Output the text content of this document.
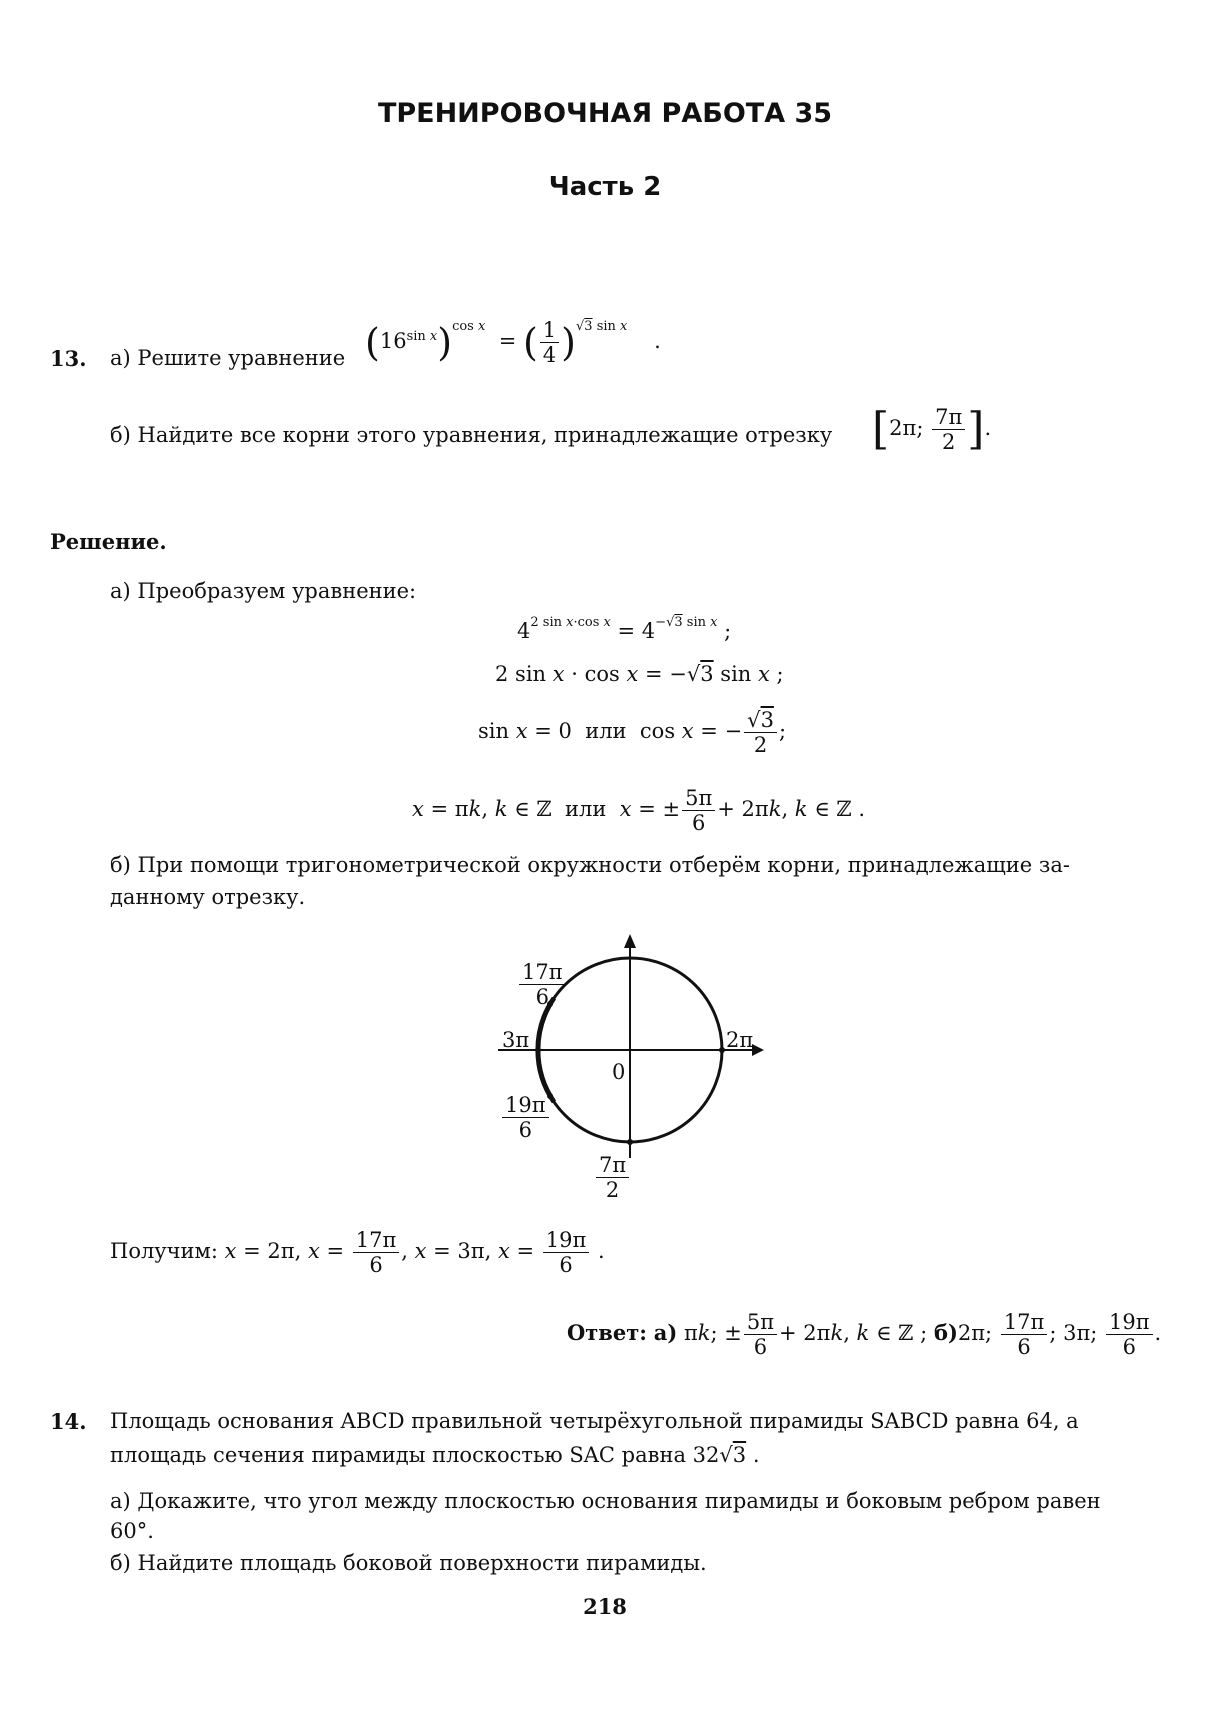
ТРЕНИРОВОЧНАЯ РАБОТА 35
Часть 2
13. а) Решите уравнение $(16^{sin x})^{cos x}$  = ( $\frac{1}{4} )^{√3 sin x}$    .
б) Найдите все корни этого уравнения, принадлежащие отрезку [2π; $\frac{7\pi}{2}$ ].
Решение.
а) Преобразуем уравнение:
$4^{2 sin x\cdot cos x} = 4^{-√3 sin x}$ ;
2 sin x · cos x = −√3 sin x ;
sin x = 0  или  cos x = − $\frac{√3}{2}$ ;
x = πk, k ∈ ℤ  или x = ± $\frac{5\pi}{6} + 2\pi k$, k ∈ ℤ .
б) При помощи тригонометрической окружности отберём корни, принадлежащие за-
данному отрезку.
$\frac{17\pi}{6}$
3π	2π
0
$\frac{19\pi}{6}$
$\frac{7\pi}{2}$
Получим: x = 2π, $x = \frac{17\pi}{6}$ , x = 3π, $x = \frac{19\pi}{6}$ .
Ответ: а) πk; ± $\frac{5\pi}{6} + 2\pi k$, k ∈ ℤ ; б)2π; $\frac{17\pi}{6}$ ; 3π; $\frac{19\pi}{6}$ .
14. Площадь основания ABCD правильной четырёхугольной пирамиды SABCD равна 64, а
площадь сечения пирамиды плоскостью SAC равна 32√3 .
а) Докажите, что угол между плоскостью основания пирамиды и боковым ребром равен
60°.
б) Найдите площадь боковой поверхности пирамиды.
218
